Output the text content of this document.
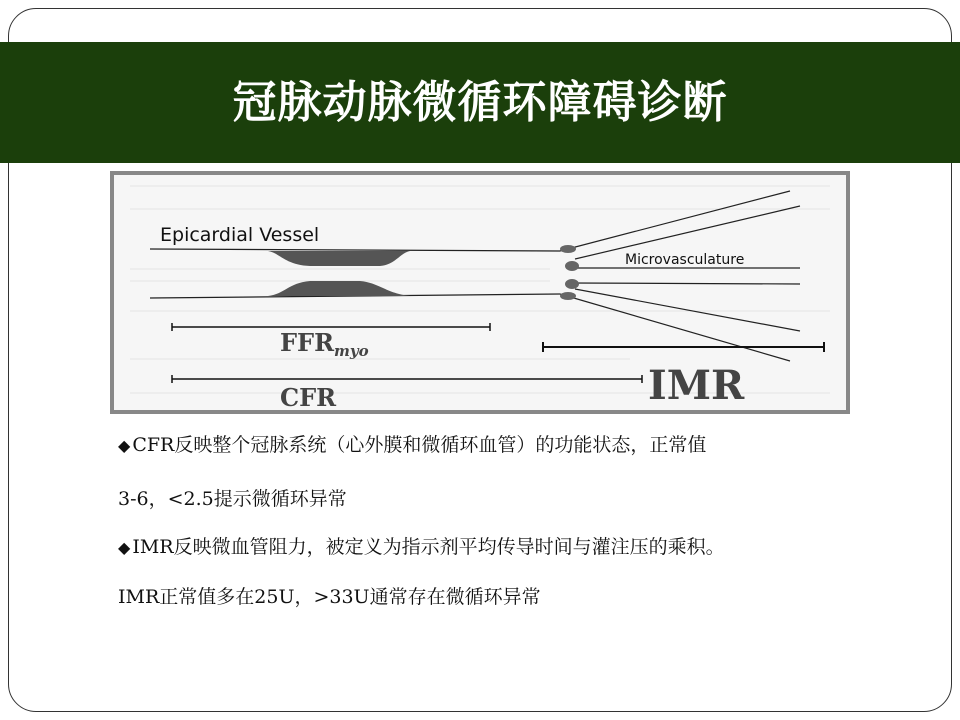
冠脉动脉微循环障碍诊断
Epicardial Vessel
Microvasculature
$FFR_{myo}$
CFR	IMR
◆ CFR反映整个冠脉系统（心外膜和微循环血管）的功能状态，正常值
3-6，<2.5提示微循环异常
◆ IMR反映微血管阻力，被定义为指示剂平均传导时间与灌注压的乘积。
IMR正常值多在25U，>33U通常存在微循环异常
